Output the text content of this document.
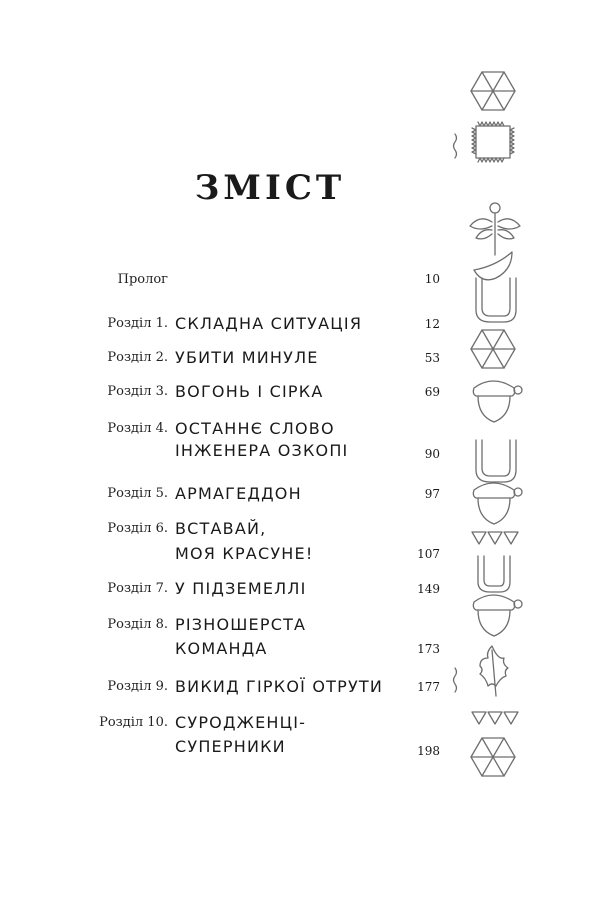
ЗМІСТ
Пролог	10
Розділ 1. СКЛАДНА СИТУАЦІЯ	12
Розділ 2. УБИТИ МИНУЛЕ	53
Розділ 3. ВОГОНЬ І СІРКА	69
Розділ 4. ОСТАННЄ СЛОВО
ІНЖЕНЕРА ОЗКОПІ	90
Розділ 5. АРМАГЕДДОН	97
Розділ 6. ВСТАВАЙ,
МОЯ КРАСУНЕ!	107
Розділ 7. У ПІДЗЕМЕЛЛІ	149
Розділ 8. РІЗНОШЕРСТА
КОМАНДА	173
Розділ 9. ВИКИД ГІРКОЇ ОТРУТИ	177
Розділ 10. СУРОДЖЕНЦІ-
СУПЕРНИКИ	198
